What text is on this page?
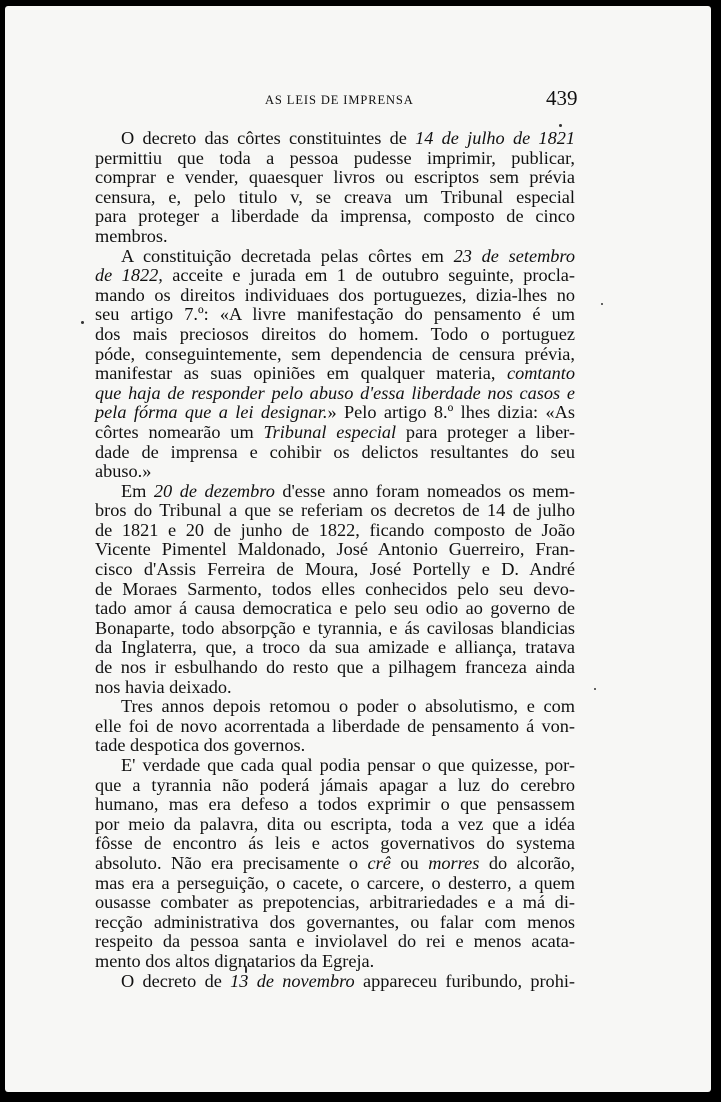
AS LEIS DE IMPRENSA	439
O decreto das côrtes constituintes de 14 de julho de 1821
permittiu que toda a pessoa pudesse imprimir, publicar,
comprar e vender, quaesquer livros ou escriptos sem prévia
censura, e, pelo titulo v, se creava um Tribunal especial
para proteger a liberdade da imprensa, composto de cinco
membros.
A constituição decretada pelas côrtes em 23 de setembro
de 1822, acceite e jurada em 1 de outubro seguinte, procla-
mando os direitos individuaes dos portuguezes, dizia-lhes no
seu artigo 7.º: «A livre manifestação do pensamento é um
dos mais preciosos direitos do homem. Todo o portuguez
póde, conseguintemente, sem dependencia de censura prévia,
manifestar as suas opiniões em qualquer materia, comtanto
que haja de responder pelo abuso d'essa liberdade nos casos e
pela fórma que a lei designar.» Pelo artigo 8.º lhes dizia: «As
côrtes nomearão um Tribunal especial para proteger a liber-
dade de imprensa e cohibir os delictos resultantes do seu
abuso.»
Em 20 de dezembro d'esse anno foram nomeados os mem-
bros do Tribunal a que se referiam os decretos de 14 de julho
de 1821 e 20 de junho de 1822, ficando composto de João
Vicente Pimentel Maldonado, José Antonio Guerreiro, Fran-
cisco d'Assis Ferreira de Moura, José Portelly e D. André
de Moraes Sarmento, todos elles conhecidos pelo seu devo-
tado amor á causa democratica e pelo seu odio ao governo de
Bonaparte, todo absorpção e tyrannia, e ás cavilosas blandicias
da Inglaterra, que, a troco da sua amizade e alliança, tratava
de nos ir esbulhando do resto que a pilhagem franceza ainda
nos havia deixado.
Tres annos depois retomou o poder o absolutismo, e com
elle foi de novo acorrentada a liberdade de pensamento á von-
tade despotica dos governos.
E' verdade que cada qual podia pensar o que quizesse, por-
que a tyrannia não poderá jámais apagar a luz do cerebro
humano, mas era defeso a todos exprimir o que pensassem
por meio da palavra, dita ou escripta, toda a vez que a idéa
fôsse de encontro ás leis e actos governativos do systema
absoluto. Não era precisamente o crê ou morres do alcorão,
mas era a perseguição, o cacete, o carcere, o desterro, a quem
ousasse combater as prepotencias, arbitrariedades e a má di-
recção administrativa dos governantes, ou falar com menos
respeito da pessoa santa e inviolavel do rei e menos acata-
mento dos altos dignatarios da Egreja.
O decreto de 13 de novembro appareceu furibundo, prohi-
